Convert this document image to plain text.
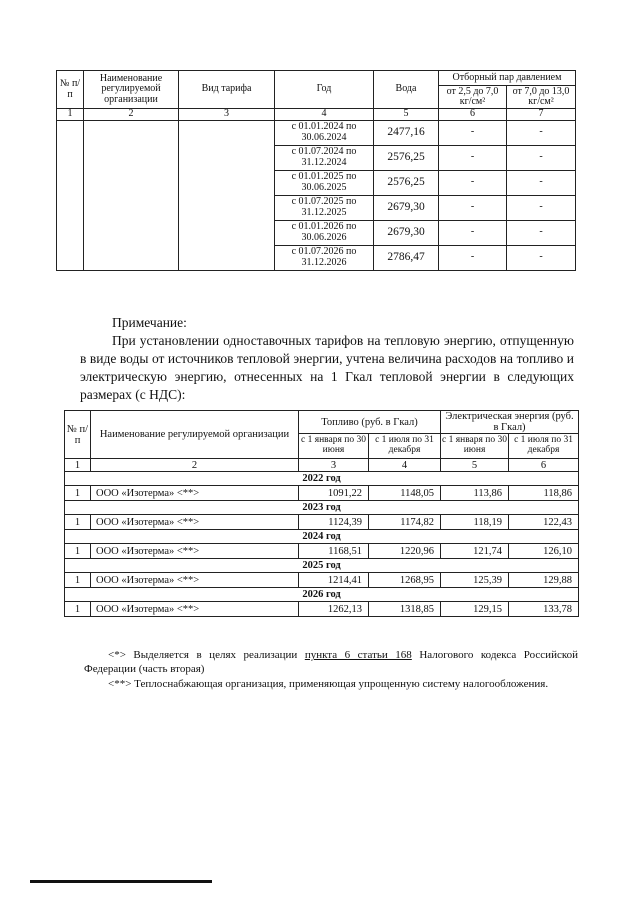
№ п/п	Наименование регулируемой организации	Вид тарифа	Год	Вода	Отборный пар давлением	
					от 2,5 до 7,0 кг/см²	от 7,0 до 13,0 кг/см²
1	2	3	4	5	6	7
			с 01.01.2024 по 30.06.2024	2477,16	-	-
			с 01.07.2024 по 31.12.2024	2576,25	-	-
			с 01.01.2025 по 30.06.2025	2576,25	-	-
			с 01.07.2025 по 31.12.2025	2679,30	-	-
			с 01.01.2026 по 30.06.2026	2679,30	-	-
			с 01.07.2026 по 31.12.2026	2786,47	-	-
Примечание:
При установлении одноставочных тарифов на тепловую энергию, отпущенную в виде воды от источников тепловой энергии, учтена величина расходов на топливо и электрическую энергию, отнесенных на 1 Гкал тепловой энергии в следующих размерах (с НДС):
№ п/п	Наименование регулируемой организации	Топливо (руб. в Гкал)		Электрическая энергия (руб. в Гкал)	
		с 1 января по 30 июня	с 1 июля по 31 декабря	с 1 января по 30 июня	с 1 июля по 31 декабря
1	2	3	4	5	6
2022 год					
1	ООО «Изотерма» <**>	1091,22	1148,05	113,86	118,86
2023 год					
1	ООО «Изотерма» <**>	1124,39	1174,82	118,19	122,43
2024 год					
1	ООО «Изотерма» <**>	1168,51	1220,96	121,74	126,10
2025 год					
1	ООО «Изотерма» <**>	1214,41	1268,95	125,39	129,88
2026 год					
1	ООО «Изотерма» <**>	1262,13	1318,85	129,15	133,78
<*> Выделяется в целях реализации пункта 6 статьи 168 Налогового кодекса Российской Федерации (часть вторая)
<**> Теплоснабжающая организация, применяющая упрощенную систему налогообложения.
